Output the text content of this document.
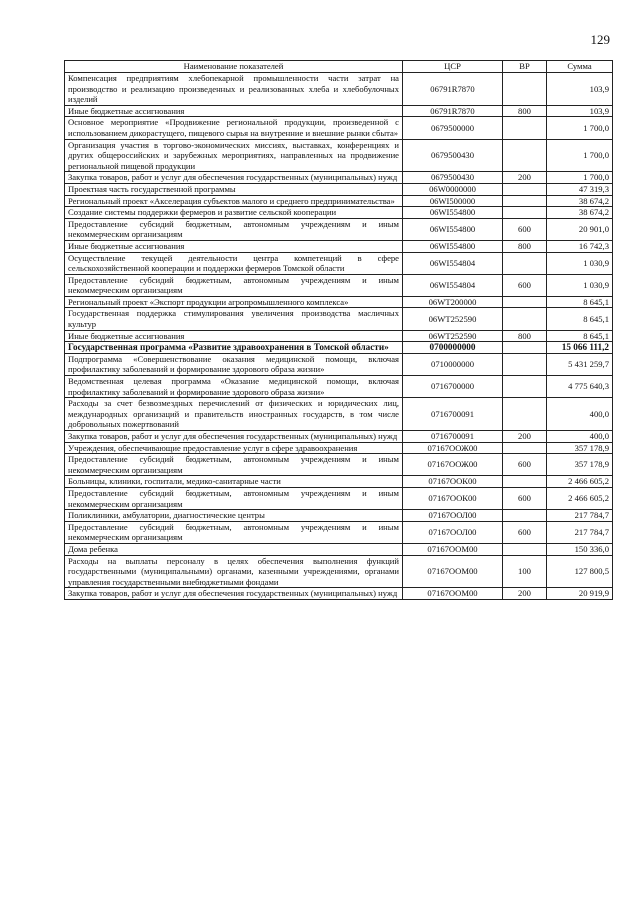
129
Наименование показателей	ЦСР	ВР	Сумма
Компенсация предприятиям хлебопекарной промышленности части затрат на производство и реализацию произведенных и реализованных хлеба и хлебобулочных изделий	06791R7870		103,9
Иные бюджетные ассигнования	06791R7870	800	103,9
Основное мероприятие «Продвижение региональной продукции, произведенной с использованием дикорастущего, пищевого сырья на внутренние и внешние рынки сбыта»	0679500000		1 700,0
Организация участия в торгово-экономических миссиях, выставках, конференциях и других общероссийских и зарубежных мероприятиях, направленных на продвижение региональной пищевой продукции	0679500430		1 700,0
Закупка товаров, работ и услуг для обеспечения государственных (муниципальных) нужд	0679500430	200	1 700,0
Проектная часть государственной программы	06W0000000		47 319,3
Региональный проект «Акселерация субъектов малого и среднего предпринимательства»	06WI500000		38 674,2
Создание системы поддержки фермеров и развитие сельской кооперации	06WI554800		38 674,2
Предоставление субсидий бюджетным, автономным учреждениям и иным некоммерческим организациям	06WI554800	600	20 901,0
Иные бюджетные ассигнования	06WI554800	800	16 742,3
Осуществление текущей деятельности центра компетенций в сфере сельскохозяйственной кооперации и поддержки фермеров Томской области	06WI554804		1 030,9
Предоставление субсидий бюджетным, автономным учреждениям и иным некоммерческим организациям	06WI554804	600	1 030,9
Региональный проект «Экспорт продукции агропромышленного комплекса»	06WT200000		8 645,1
Государственная поддержка стимулирования увеличения производства масличных культур	06WT252590		8 645,1
Иные бюджетные ассигнования	06WT252590	800	8 645,1
Государственная программа «Развитие здравоохранения в Томской области»	0700000000		15 066 111,2
Подпрограмма «Совершенствование оказания медицинской помощи, включая профилактику заболеваний и формирование здорового образа жизни»	0710000000		5 431 259,7
Ведомственная целевая программа «Оказание медицинской помощи, включая профилактику заболеваний и формирование здорового образа жизни»	0716700000		4 775 640,3
Расходы за счет безвозмездных перечислений от физических и юридических лиц, международных организаций и правительств иностранных государств, в том числе добровольных пожертвований	0716700091		400,0
Закупка товаров, работ и услуг для обеспечения государственных (муниципальных) нужд	0716700091	200	400,0
Учреждения, обеспечивающие предоставление услуг в сфере здравоохранения	07167ООЖ00		357 178,9
Предоставление субсидий бюджетным, автономным учреждениям и иным некоммерческим организациям	07167ООЖ00	600	357 178,9
Больницы, клиники, госпитали, медико-санитарные части	07167ООК00		2 466 605,2
Предоставление субсидий бюджетным, автономным учреждениям и иным некоммерческим организациям	07167ООК00	600	2 466 605,2
Поликлиники, амбулатории, диагностические центры	07167ООЛ00		217 784,7
Предоставление субсидий бюджетным, автономным учреждениям и иным некоммерческим организациям	07167ООЛ00	600	217 784,7
Дома ребенка	07167ООМ00		150 336,0
Расходы на выплаты персоналу в целях обеспечения выполнения функций государственными (муниципальными) органами, казенными учреждениями, органами управления государственными внебюджетными фондами	07167ООМ00	100	127 800,5
Закупка товаров, работ и услуг для обеспечения государственных (муниципальных) нужд	07167ООМ00	200	20 919,9
